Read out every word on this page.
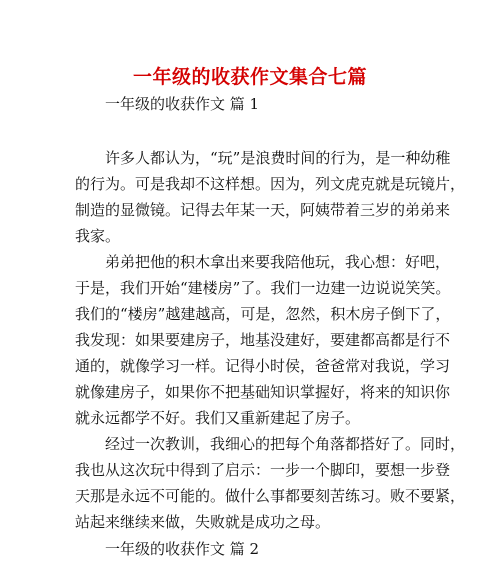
一年级的收获作文集合七篇
一年级的收获作文 篇 1
许多人都认为，“玩”是浪费时间的行为，是一种幼稚
的行为。可是我却不这样想。因为，列文虎克就是玩镜片，
制造的显微镜。记得去年某一天，阿姨带着三岁的弟弟来
我家。
弟弟把他的积木拿出来要我陪他玩，我心想：好吧，
于是，我们开始“建楼房”了。我们一边建一边说说笑笑。
我们的“楼房”越建越高，可是，忽然，积木房子倒下了，
我发现：如果要建房子，地基没建好，要建都高都是行不
通的，就像学习一样。记得小时侯，爸爸常对我说，学习
就像建房子，如果你不把基础知识掌握好，将来的知识你
就永远都学不好。我们又重新建起了房子。
经过一次教训，我细心的把每个角落都搭好了。同时，
我也从这次玩中得到了启示：一步一个脚印，要想一步登
天那是永远不可能的。做什么事都要刻苦练习。败不要紧，
站起来继续来做，失败就是成功之母。
一年级的收获作文 篇 2
